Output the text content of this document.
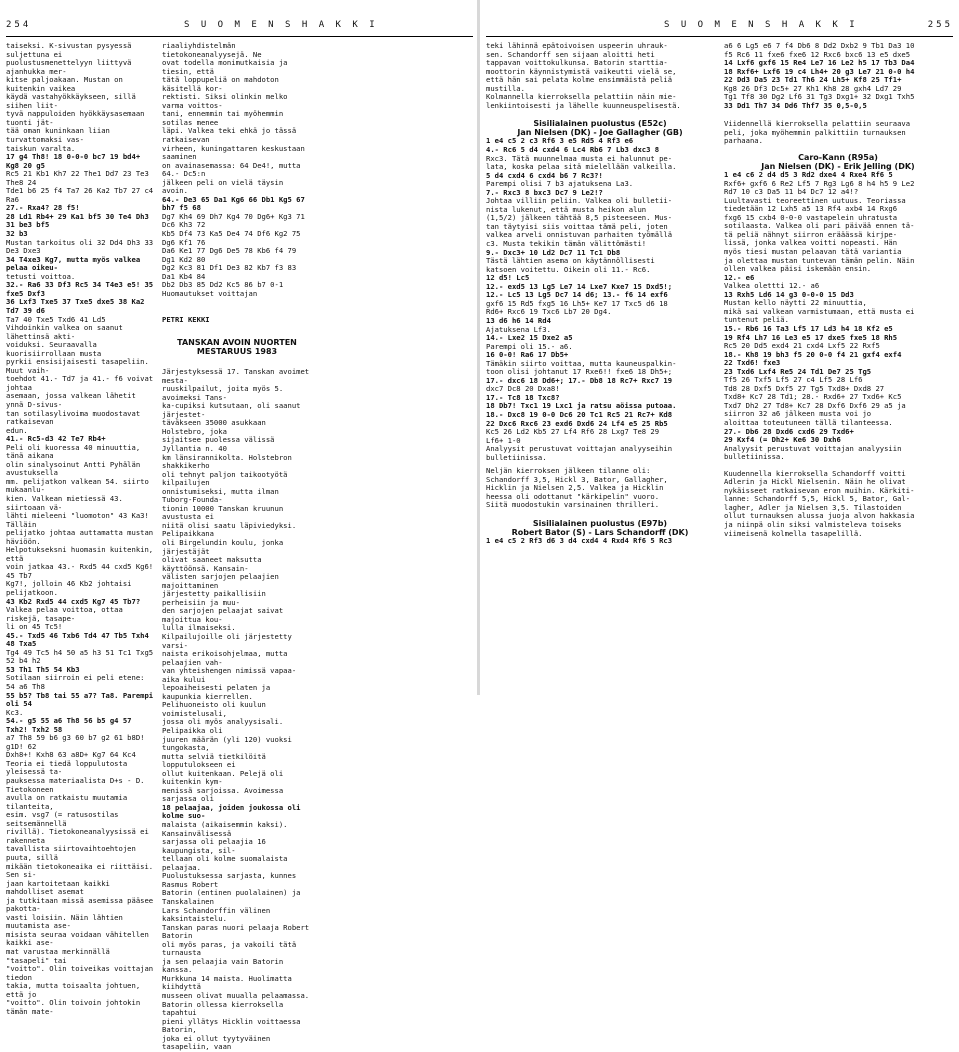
254	S U O M E N S H A K K I

taiseksi. K-sivustan pysyessä suljettuna ei

puolustusmenettelyyn liittyvä ajanhukka mer-

kitse paljoakaan. Mustan on kuitenkin vaikea

käydä vastahyökkäykseen, sillä siihen liit-

tyvä nappuloiden hyökkäysasemaan tuonti jät-

tää oman kuninkaan liian turvattomaksi vas-

taiskun varalta.

17 g4 Th8! 18 0-0-0 bc7 19 bd4+ Kg8 20 g5

Rc5 21 Kb1 Kh7 22 The1 Dd7 23 Te3 The8 24

Tde1 b6 25 f4 Ta7 26 Ka2 Tb7 27 c4 Ra6

27.- Rxa4? 28 f5!

28 Ld1 Rb4+ 29 Ka1 bf5 30 Te4 Dh3 31 be3 bf5

32 b3

Mustan tarkoitus oli 32 Dd4 Dh3 33 De3 Dxe3

34 T4xe3 Kg7, mutta myös valkea pelaa oikeu-

tetusti voittoa.

32.- Ra6 33 Df3 Rc5 34 T4e3 e5! 35 fxe5 Dxf3

36 Lxf3 Txe5 37 Txe5 dxe5 38 Ka2 Td7 39 d6

Ta7 40 Txe5 Txd6 41 Ld5

Vihdoinkin valkea on saanut lähettinsä akti-

voiduksi. Seuraavalla kuorisiirrollaan musta

pyrkii ensisijaisesti tasapeliin. Muut vaih-

toehdot 41.- Td7 ja 41.- f6 voivat johtaa

asemaan, jossa valkean lähetit ynnä D-sivus-

tan sotilasylivoima muodostavat ratkaisevan

edun.

41.- Rc5-d3 42 Te7 Rb4+

Peli oli kuoressa 40 minuuttia, tänä aikana

olin sinalysoinut Antti Pyhälän avustuksella

mm. pelijatkon valkean 54. siirto mukaanlu-

kien. Valkean mietiessä 43. siirtoaan vä-

lähti mieleeni "luomoton" 43 Ka3! Tälläin

pelijatko johtaa auttamatta mustan häviöön.

Helpotukseksni huomasin kuitenkin, että

voin jatkaa 43.- Rxd5 44 cxd5 Kg6! 45 Tb7

Kg7!, jolloin 46 Kb2 johtaisi pelijatkoon.

43 Kb2 Rxd5 44 cxd5 Kg7 45 Tb7?

Valkea pelaa voittoa, ottaa riskejä, tasape-

li on 45 Tc5!

45.- Txd5 46 Txb6 Td4 47 Tb5 Txh4 48 Txa5

Tg4 49 Tc5 h4 50 a5 h3 51 Tc1 Txg5 52 b4 h2

53 Th1 Th5 54 Kb3

Sotilaan siirroin ei peli etene: 54 a6 Th8

55 b5? Tb8 tai 55 a7? Ta8. Parempi oli 54

Kc3.

54.- g5 55 a6 Th8 56 b5 g4 57 Txh2! Txh2 58

a7 Th8 59 b6 g3 60 b7 g2 61 b8D! g1D! 62

Dxh8+! Kxh8 63 a8D+ Kg7 64 Kc4

Teoria ei tiedä loppulutosta yleisessä ta-

pauksessa materiaalista D+s - D. Tietokoneen

avulla on ratkaistu muutamia tilanteita,

esim. vsg7 (= ratusostilas seitsemännellä

rivillä). Tietokoneanalyysissä ei rakenneta

tavallista siirtovaihtoehtojen puuta, sillä

mikään tietokoneaika ei riittäisi. Sen si-

jaan kartoitetaan kaikki mahdolliset asemat

ja tutkitaan missä asemissa pääsee pakotta-

vasti loisiin. Näin lähtien muutamista ase-

misista seuraa voidaan vähitellen kaikki ase-

mat varustaa merkinnällä "tasapeli" tai

"voitto". Olin toiveikas voittajan tiedon

takia, mutta toisaalta johtuen, että jo

"voitto". Olin toivoin johtokin tämän mate-

riaaliyhdistelmän tietokoneanalyysejä. Ne

ovat todella monimutkaisia ja tiesin, että

tätä loppupeliä on mahdoton käsitellä kor-

rektisti. Siksi olinkin melko varma voittos-

tani, ennemmin tai myöhemmin sotilas menee

läpi. Valkea teki ehkä jo tässä ratkaisevan

virheen, kuningattaren keskustaan saaminen

on avainasemassa: 64 De4!, mutta 64.- Dc5:n

jälkeen peli on vielä täysin avoin.

64.- De3 65 Da1 Kg6 66 Db1 Kg5 67 bh7 f5 68

Dg7 Kh4 69 Dh7 Kg4 70 Dg6+ Kg3 71 Dc6 Kh3 72

Kb5 Df4 73 Ka5 De4 74 Df6 Kg2 75 Dg6 Kf1 76

Da6 Ke1 77 Dg6 De5 78 Kb6 f4 79 Dg1 Kd2 80

Dg2 Kc3 81 Df1 De3 82 Kb7 f3 83 Da1 Kb4 84

Db2 Db3 85 Dd2 Kc5 86 b7 0-1

Huomautukset voittajan

PETRI KEKKI

TANSKAN AVOIN NUORTEN MESTARUUS 1983

Järjestyksessä 17. Tanskan avoimet mesta-

ruuskilpailut, joita myös 5. avoimeksi Tans-

ka-cupiksi kutsutaan, oli saanut järjestet-

täväkseen 35000 asukkaan Holstebro, joka

sijaitsee puolessa välissä Jyllantia n. 40

km länsirannikolta. Holstebron shakkikerho

oli tehnyt paljon taikootyötä kilpailujen

onnistumiseksi, mutta ilman Tuborg-Founda-

tionin 10000 Tanskan kruunun avustusta ei

niitä olisi saatu läpiviedyksi. Pelipaikkana

oli Birgelundin koulu, jonka järjestäjät

olivat saaneet maksutta käyttöönsä. Kansain-

välisten sarjojen pelaajien majoittaminen

järjestetty paikallisiin perheisiin ja muu-

den sarjojen pelaajat saivat majoittua kou-

lulla ilmaiseksi.

Kilpailujoille oli järjestetty varsi-

naista erikoisohjelmaa, mutta pelaajien vah-

van yhteishengen nimissä vapaa-aika kului

lepoaiheisesti pelaten ja kaupunkia kierrellen.

Pelihuoneisto oli kuulun voimistelusali,

jossa oli myös analyysisali. Pelipaikka oli

juuren määrän (yli 120) vuoksi tungokasta,

mutta selviä tietkilöitä lopputulokseen ei

ollut kuitenkaan. Pelejä oli kuitenkin kym-

menissä sarjoissa. Avoimessa sarjassa oli

18 pelaajaa, joiden joukossa oli kolme suo-

malaista (aikaisemmin kaksi). Kansainvälisessä

sarjassa oli pelaajia 16 kaupungista, sil-

tellaan oli kolme suomalaista pelaajaa.

Puolustuksessa sarjasta, kunnes Rasmus Robert

Batorin (entinen puolalainen) ja Tanskalainen

Lars Schandorffin välinen kaksintaistelu.

Tanskan paras nuori pelaaja Robert Batorin

oli myös paras, ja vakoili tätä turnausta

ja sen pelaajia vain Batorin kanssa.

Murkkuna 14 maista. Huolimatta kiihdyttä

musseen olivat muualla pelaamassa.

Batorin ollessa kierroksella tapahtui

pieni yllätys Hicklin voittaessa Batorin,

joka ei ollut tyytyväinen tasapeliin, vaan

S U O M E N S H A K K I	255

teki lähinnä epätoivoisen uspeerin uhrauk-

sen. Schandorff sen sijaan aloitti heti

tappavan voittokulkunsa. Batorin starttia-

moottorin käynnistymistä vaikeutti vielä se,

että hän sai pelata kolme ensimmäistä peliä

mustilla.

Kolmannella kierroksella pelattiin näin mie-

lenkiintoisesti ja lähelle kuunneuspelisestä.

Sisilialainen puolustus (E52c)

Jan Nielsen (DK) - Joe Gallagher (GB)

1 e4 c5 2 c3 Rf6 3 e5 Rd5 4 Rf3 e6

4.- Rc6 5 d4 cxd4 6 Lc4 Rb6 7 Lb3 dxc3 8

Rxc3. Tätä muunnelmaa musta ei halunnut pe-

lata, koska pelaa sitä mielellään valkeilla.

5 d4 cxd4 6 cxd4 b6 7 Rc3?!

Parempi olisi 7 b3 ajatuksena La3.

7.- Rxc3 8 bxc3 Dc7 9 Le2!?

Johtaa villiin peliin. Valkea oli bulletii-

nista lukenut, että musta heikon alun

(1,5/2) jälkeen tähtää 8,5 pisteeseen. Mus-

tan täytyisi siis voittaa tämä peli, joten

valkea arveli onnistuvan parhaiten työmällä

c3. Musta tekikin tämän välittömästi!

9.- Dxc3+ 10 Ld2 Dc7 11 Tc1 Db8

Tästä lähtien asema on käytännöllisesti

katsoen voitettu. Oikein oli 11.- Rc6.

12 d5! Lc5

12.- exd5 13 Lg5 Le7 14 Lxe7 Kxe7 15 Dxd5!;

12.- Lc5 13 Lg5 Dc7 14 d6; 13.- f6 14 exf6

gxf6 15 Rd5 fxg5 16 Lh5+ Ke7 17 Txc5 d6 18

Rd6+ Rxc6 19 Txc6 Lb7 20 Dg4.

13 d6 h6 14 Rd4

Ajatuksena Lf3.

14.- Lxe2 15 Dxe2 a5

Parempi oli 15.- a6.

16 0-0! Ra6 17 Db5+

Tämäkin siirto voittaa, mutta kauneuspalkin-

toon olisi johtanut 17 Rxe6!! fxe6 18 Dh5+;

17.- dxc6 18 Dd6+; 17.- Db8 18 Rc7+ Rxc7 19

dxc7 Dc8 20 Dxa8!

17.- Tc8 18 Txc8?

18 Db7! Txc1 19 Lxc1 ja ratsu aöissa putoaa.

18.- Dxc8 19 0-0 Dc6 20 Tc1 Rc5 21 Rc7+ Kd8

22 Dxc6 Rxc6 23 exd6 Dxd6 24 Lf4 e5 25 Rb5

Kc5 26 Ld2 Kb5 27 Lf4 Rf6 28 Lxg7 Te8 29

Lf6+ 1-0

Analyysit perustuvat voittajan analyyseihin

bulletiinissa.

Neljän kierroksen jälkeen tilanne oli:

Schandorff 3,5, Hickl 3, Bator, Gallagher,

Hicklin ja Nielsen 2,5. Valkea ja Hicklin

heessa oli odottanut "kärkipelin" vuoro.

Siitä muodostukin varsinainen thrilleri.

Sisilialainen puolustus (E97b)

Robert Bator (S) - Lars Schandorff (DK)

1 e4 c5 2 Rf3 d6 3 d4 cxd4 4 Rxd4 Rf6 5 Rc3

a6 6 Lg5 e6 7 f4 Db6 8 Dd2 Dxb2 9 Tb1 Da3 10

f5 Rc6 11 fxe6 fxe6 12 Rxc6 bxc6 13 e5 dxe5

14 Lxf6 gxf6 15 Re4 Le7 16 Le2 h5 17 Tb3 Da4

18 Rxf6+ Lxf6 19 c4 Lh4+ 20 g3 Le7 21 0-0 h4

22 Dd3 Da5 23 Td1 Th6 24 Lh5+ Kf8 25 Tf1+

Kg8 26 Df3 Dc5+ 27 Kh1 Kh8 28 gxh4 Ld7 29

Tg1 Tf8 30 Dg2 Lf6 31 Tg3 Dxg1+ 32 Dxg1 Txh5

33 Dd1 Th7 34 Dd6 Thf7 35 0,5-0,5

Viidennellä kierroksella pelattiin seuraava

peli, joka myöhemmin palkittiin turnauksen

parhaana.

Caro-Kann (R95a)

Jan Nielsen (DK) - Erik Jelling (DK)

1 e4 c6 2 d4 d5 3 Rd2 dxe4 4 Rxe4 Rf6 5

Rxf6+ gxf6 6 Re2 Lf5 7 Rg3 Lg6 8 h4 h5 9 Le2

Rd7 10 c3 Da5 11 b4 Dc7 12 a4!?

Luultavasti teoreettinen uutuus. Teoriassa

tiedetään 12 Lxh5 a5 13 Rf4 axb4 14 Rxg6

fxg6 15 cxb4 0-0-0 vastapelein uhratusta

sotilaasta. Valkea oli pari päivää ennen tä-

tä peliä nähnyt siirron erääässä kirjpe-

lissä, jonka valkea voitti nopeasti. Hän

myös tiesi mustan pelaavan tätä variantia

ja olettaa mustan tuntevan tämän pelin. Näin

ollen valkea päisi iskemään ensin.

12.- e6

Valkea olettti 12.- a6

13 Rxh5 Ld6 14 g3 0-0-0 15 Dd3

Mustan kello näytti 22 minuuttia,

mikä sai valkean varmistumaan, että musta ei

tuntenut peliä.

15.- Rb6 16 Ta3 Lf5 17 Ld3 h4 18 Kf2 e5

19 Rf4 Lh7 16 Le3 e5 17 dxe5 fxe5 18 Rh5

Rc5 20 Dd5 exd4 21 cxd4 Lxf5 22 Rxf5

18.- Kh8 19 bh3 f5 20 0-0 f4 21 gxf4 exf4

22 Txd6! fxe3

23 Txd6 Lxf4 Re5 24 Td1 De7 25 Tg5

Tf5 26 Txf5 Lf5 27 c4 Lf5 28 Lf6

Td8 28 Dxf5 Dxf5 27 Tg5 Txd8+ Dxd8 27

Txd8+ Kc7 28 Td1; 28.- Rxd6+ 27 Txd6+ Kc5

Txd7 Dh2 27 Td8+ Kc7 28 Dxf6 Dxf6 29 a5 ja

siirron 32 a6 jälkeen musta voi jo

aloittaa toteutuneen tällä tilanteessa.

27.- Db6 28 Dxd6 cxd6 29 Txd6+

29 Kxf4 (= Dh2+ Ke6 30 Dxh6

Analyysit perustuvat voittajan analyysiin

bulletiinissa.

Kuudennella kierroksella Schandorff voitti

Adlerin ja Hickl Nielsenin. Näin he olivat

nykäisseet ratkaisevan eron muihin. Kärkiti-

lanne: Schandorff 5,5, Hickl 5, Bator, Gal-

lagher, Adler ja Nielsen 3,5. Tilastoiden

ollut turnauksen alussa juoja alvon hakkasia

ja niinpä olin siksi valmisteleva toiseks

viimeisenä kolmella tasapelillä.
